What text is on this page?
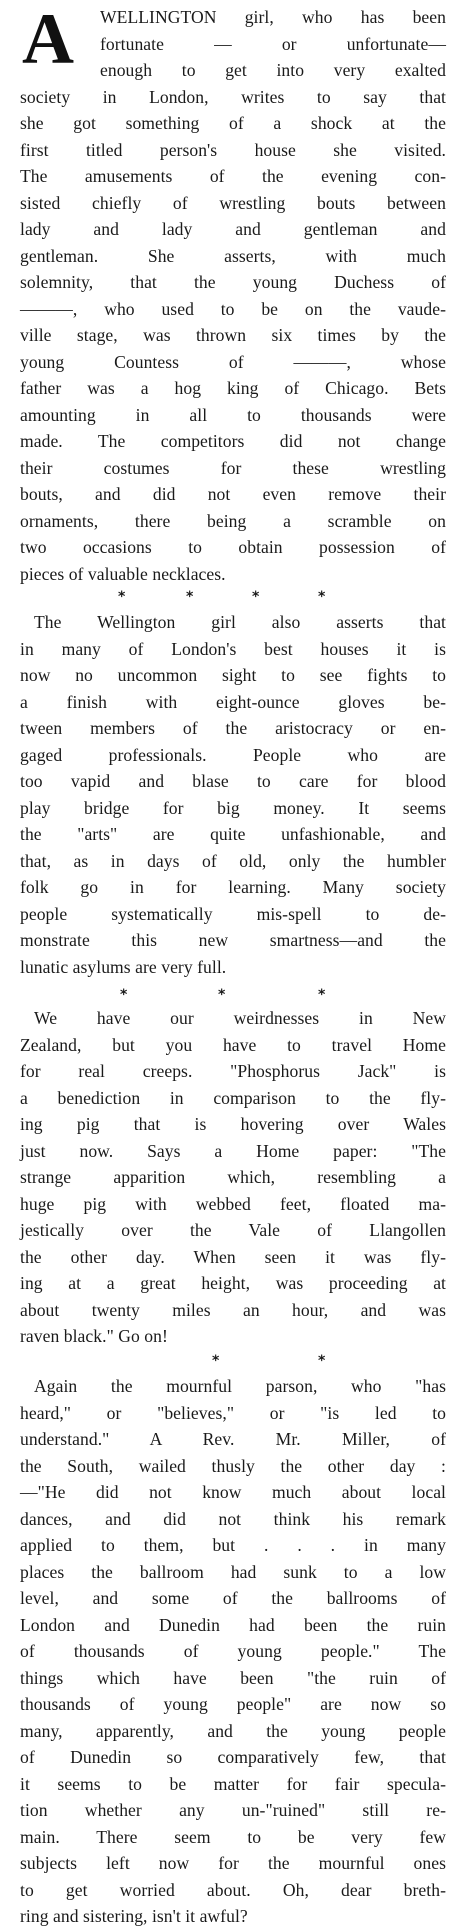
A	WELLINGTON girl, who has been
fortunate — or unfortunate—
enough to get into very exalted
society in London, writes to say that
she got something of a shock at the
first titled person's house she visited.
The amusements of the evening con-
sisted chiefly of wrestling bouts between
lady and lady and gentleman and
gentleman. She asserts, with much
solemnity, that the young Duchess of
———, who used to be on the vaude-
ville stage, was thrown six times by the
young Countess of ———, whose
father was a hog king of Chicago. Bets
amounting in all to thousands were
made. The competitors did not change
their costumes for these wrestling
bouts, and did not even remove their
ornaments, there being a scramble on
two occasions to obtain possession of
pieces of valuable necklaces.
*	*	*	*
The Wellington girl also asserts that
in many of London's best houses it is
now no uncommon sight to see fights to
a finish with eight-ounce gloves be-
tween members of the aristocracy or en-
gaged professionals. People who are
too vapid and blase to care for blood
play bridge for big money. It seems
the "arts" are quite unfashionable, and
that, as in days of old, only the humbler
folk go in for learning. Many society
people systematically mis-spell to de-
monstrate this new smartness—and the
lunatic asylums are very full.
*	*	*
We have our weirdnesses in New
Zealand, but you have to travel Home
for real creeps. "Phosphorus Jack" is
a benediction in comparison to the fly-
ing pig that is hovering over Wales
just now. Says a Home paper: "The
strange apparition which, resembling a
huge pig with webbed feet, floated ma-
jestically over the Vale of Llangollen
the other day. When seen it was fly-
ing at a great height, was proceeding at
about twenty miles an hour, and was
raven black." Go on!
*	*
Again the mournful parson, who "has
heard," or "believes," or "is led to
understand." A Rev. Mr. Miller, of
the South, wailed thusly the other day :
—"He did not know much about local
dances, and did not think his remark
applied to them, but . . . in many
places the ballroom had sunk to a low
level, and some of the ballrooms of
London and Dunedin had been the ruin
of thousands of young people." The
things which have been "the ruin of
thousands of young people" are now so
many, apparently, and the young people
of Dunedin so comparatively few, that
it seems to be matter for fair specula-
tion whether any un-"ruined" still re-
main. There seem to be very few
subjects left now for the mournful ones
to get worried about. Oh, dear breth-
ring and sistering, isn't it awful?
